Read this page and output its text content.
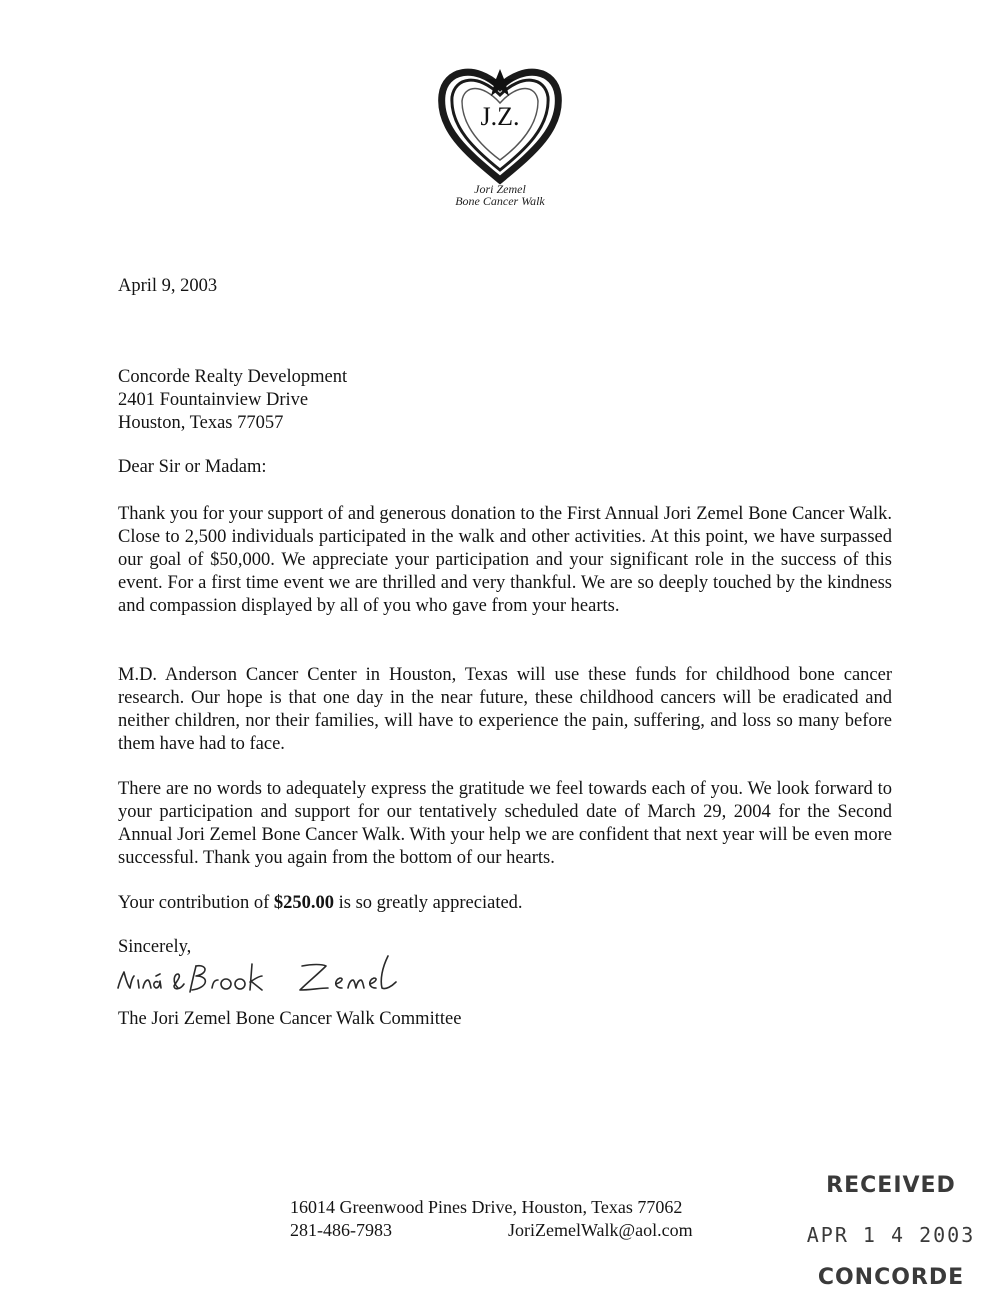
J.Z.
Jori Zemel
Bone Cancer Walk
April 9, 2003
Concorde Realty Development
2401 Fountainview Drive
Houston, Texas 77057
Dear Sir or Madam:
Thank you for your support of and generous donation to the First Annual Jori Zemel Bone Cancer Walk. Close to 2,500 individuals participated in the walk and other activities. At this point, we have surpassed our goal of $50,000. We appreciate your participation and your significant role in the success of this event. For a first time event we are thrilled and very thankful. We are so deeply touched by the kindness and compassion displayed by all of you who gave from your hearts.
M.D. Anderson Cancer Center in Houston, Texas will use these funds for childhood bone cancer research. Our hope is that one day in the near future, these childhood cancers will be eradicated and neither children, nor their families, will have to experience the pain, suffering, and loss so many before them have had to face.
There are no words to adequately express the gratitude we feel towards each of you. We look forward to your participation and support for our tentatively scheduled date of March 29, 2004 for the Second Annual Jori Zemel Bone Cancer Walk. With your help we are confident that next year will be even more successful. Thank you again from the bottom of our hearts.
Your contribution of $250.00 is so greatly appreciated.
Sincerely,
The Jori Zemel Bone Cancer Walk Committee
16014 Greenwood Pines Drive, Houston, Texas 77062
281-486-7983	JoriZemelWalk@aol.com
RECEIVED
APR 1 4 2003
CONCORDE
